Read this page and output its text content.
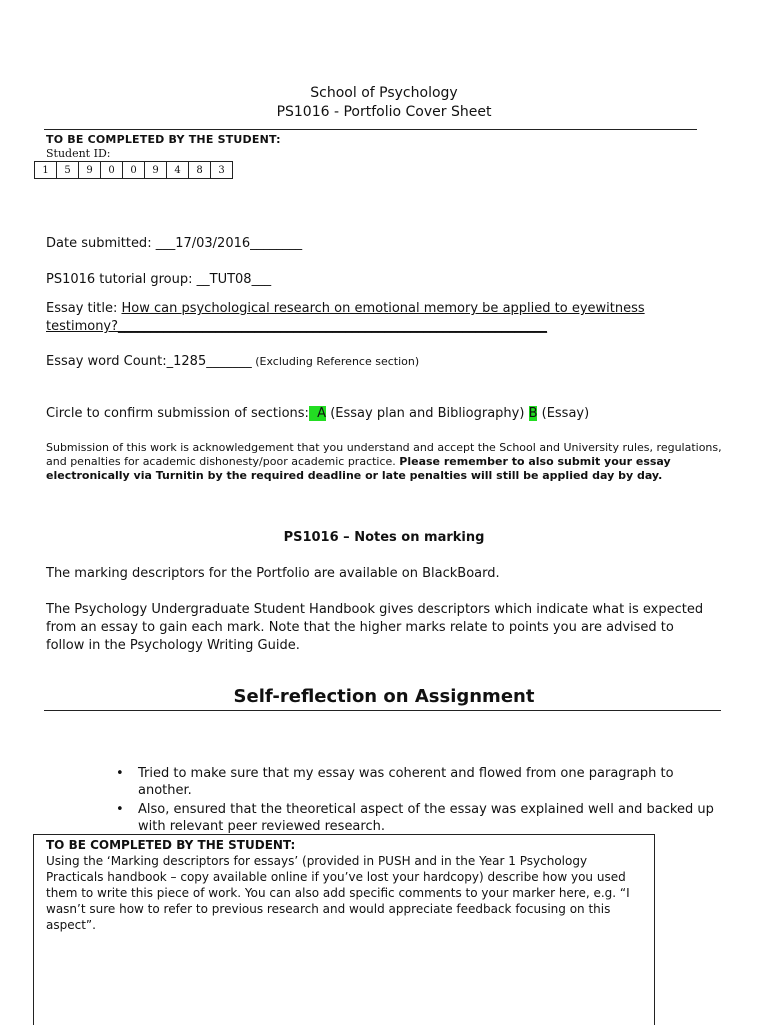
School of Psychology
PS1016 - Portfolio Cover Sheet
TO BE COMPLETED BY THE STUDENT:
Student ID:
1	5	9	0	0	9	4	8	3
Date submitted: ___17/03/2016________
PS1016 tutorial group: __TUT08___
Essay title: How can psychological research on emotional memory be applied to eyewitness
testimony?__________________________________________________________________
Essay word Count:_1285_______ (Excluding Reference section)
Circle to confirm submission of sections:  A (Essay plan and Bibliography) B (Essay)
Submission of this work is acknowledgement that you understand and accept the School and University rules, regulations, and penalties for academic dishonesty/poor academic practice. Please remember to also submit your essay electronically via Turnitin by the required deadline or late penalties will still be applied day by day.
PS1016 – Notes on marking
The marking descriptors for the Portfolio are available on BlackBoard.
The Psychology Undergraduate Student Handbook gives descriptors which indicate what is expected from an essay to gain each mark. Note that the higher marks relate to points you are advised to follow in the Psychology Writing Guide.
Self-reflection on Assignment
• Tried to make sure that my essay was coherent and flowed from one paragraph to another.
• Also, ensured that the theoretical aspect of the essay was explained well and backed up with relevant peer reviewed research.
TO BE COMPLETED BY THE STUDENT:
Using the ‘Marking descriptors for essays’ (provided in PUSH and in the Year 1 Psychology Practicals handbook – copy available online if you’ve lost your hardcopy) describe how you used them to write this piece of work. You can also add specific comments to your marker here, e.g. “I wasn’t sure how to refer to previous research and would appreciate feedback focusing on this aspect”.
